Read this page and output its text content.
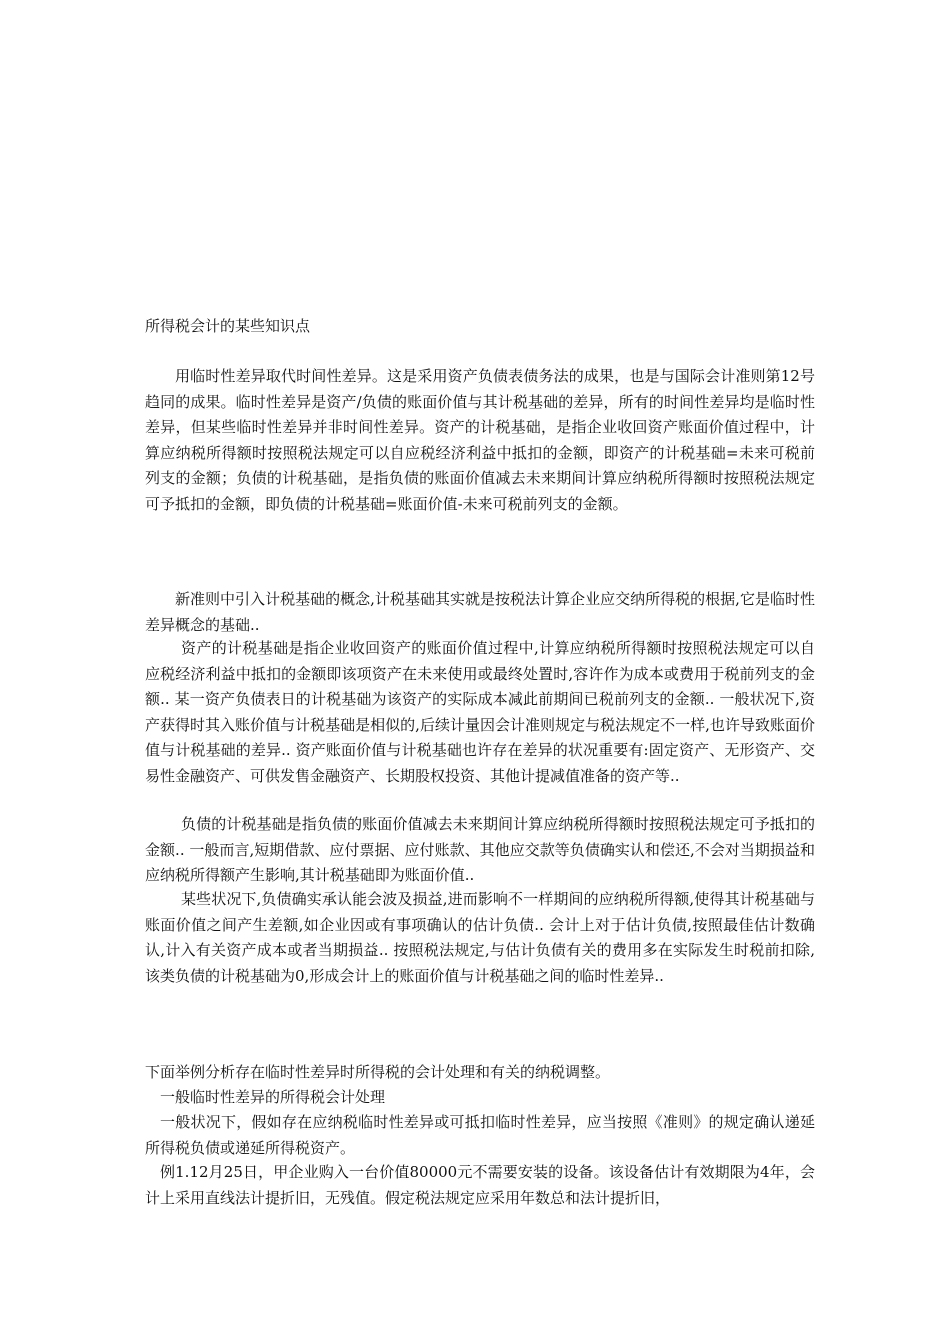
所得税会计的某些知识点

用临时性差异取代时间性差异。这是采用资产负债表债务法的成果，也是与国际会计准则第12号趋同的成果。临时性差异是资产/负债的账面价值与其计税基础的差异，所有的时间性差异均是临时性差异，但某些临时性差异并非时间性差异。资产的计税基础，是指企业收回资产账面价值过程中，计算应纳税所得额时按照税法规定可以自应税经济利益中抵扣的金额，即资产的计税基础=未来可税前列支的金额；负债的计税基础，是指负债的账面价值减去未来期间计算应纳税所得额时按照税法规定可予抵扣的金额，即负债的计税基础=账面价值-未来可税前列支的金额。

新准则中引入计税基础的概念,计税基础其实就是按税法计算企业应交纳所得税的根据,它是临时性差异概念的基础..

资产的计税基础是指企业收回资产的账面价值过程中,计算应纳税所得额时按照税法规定可以自应税经济利益中抵扣的金额即该项资产在未来使用或最终处置时,容许作为成本或费用于税前列支的金额.. 某一资产负债表日的计税基础为该资产的实际成本减此前期间已税前列支的金额.. 一般状况下,资产获得时其入账价值与计税基础是相似的,后续计量因会计准则规定与税法规定不一样,也许导致账面价值与计税基础的差异.. 资产账面价值与计税基础也许存在差异的状况重要有:固定资产、无形资产、交易性金融资产、可供发售金融资产、长期股权投资、其他计提减值准备的资产等..

负债的计税基础是指负债的账面价值减去未来期间计算应纳税所得额时按照税法规定可予抵扣的金额.. 一般而言,短期借款、应付票据、应付账款、其他应交款等负债确实认和偿还,不会对当期损益和应纳税所得额产生影响,其计税基础即为账面价值..

某些状况下,负债确实承认能会波及损益,进而影响不一样期间的应纳税所得额,使得其计税基础与账面价值之间产生差额,如企业因或有事项确认的估计负债.. 会计上对于估计负债,按照最佳估计数确认,计入有关资产成本或者当期损益.. 按照税法规定,与估计负债有关的费用多在实际发生时税前扣除,该类负债的计税基础为0,形成会计上的账面价值与计税基础之间的临时性差异..

下面举例分析存在临时性差异时所得税的会计处理和有关的纳税调整。

一般临时性差异的所得税会计处理

一般状况下，假如存在应纳税临时性差异或可抵扣临时性差异，应当按照《准则》的规定确认递延所得税负债或递延所得税资产。

例1.12月25日，甲企业购入一台价值80000元不需要安装的设备。该设备估计有效期限为4年，会计上采用直线法计提折旧，无残值。假定税法规定应采用年数总和法计提折旧，
